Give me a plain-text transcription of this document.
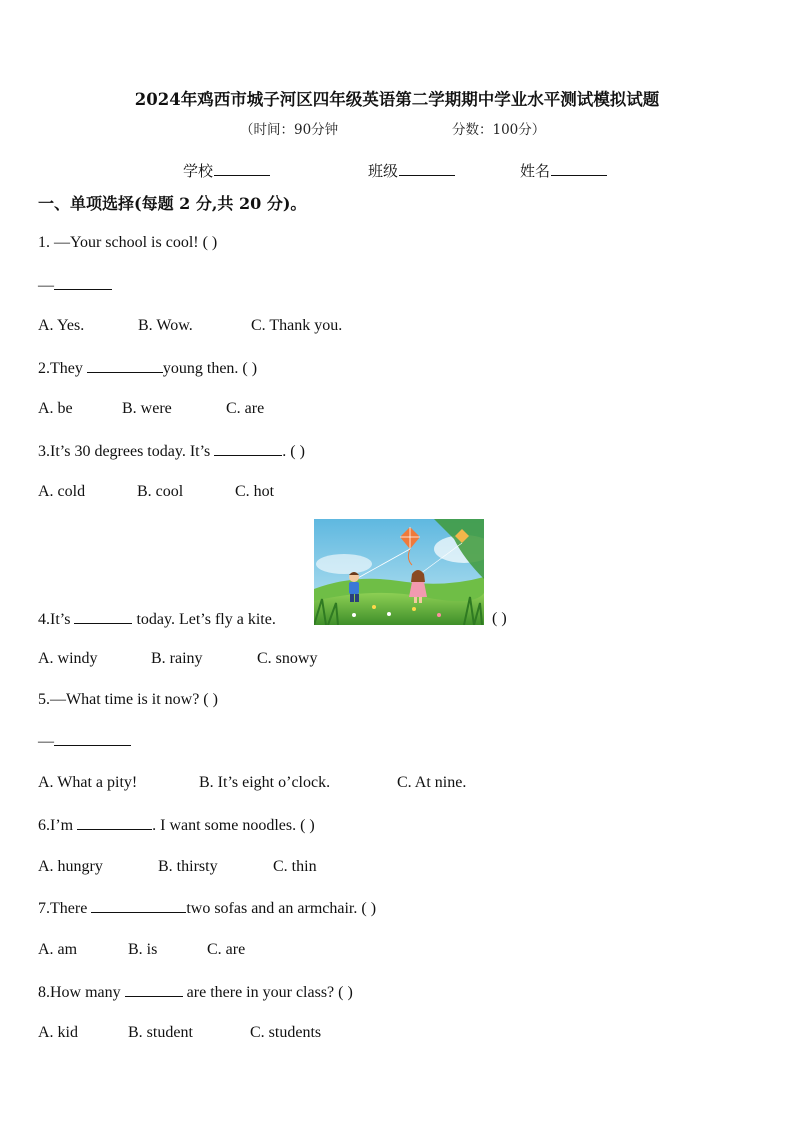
2024年鸡西市城子河区四年级英语第二学期期中学业水平测试模拟试题
（时间：90分钟	分数：100分）
学校	班级	姓名
一、单项选择(每题 2 分,共 20 分)。
1. —Your school is cool! ( )
—
A. Yes.	B. Wow.	C. Thank you.
2.They	young then. ( )
A. be	B. were	C. are
3.It’s 30 degrees today. It’s	. ( )
A. cold	B. cool	C. hot
4.It’s	today. Let’s fly a kite.	( )
A. windy	B. rainy	C. snowy
5.—What time is it now? ( )
—
A. What a pity!	B. It’s eight o’clock.	C. At nine.
6.I’m	. I want some noodles. ( )
A. hungry	B. thirsty	C. thin
7.There	two sofas and an armchair. ( )
A. am	B. is	C. are
8.How many	are there in your class? ( )
A. kid	B. student	C. students
